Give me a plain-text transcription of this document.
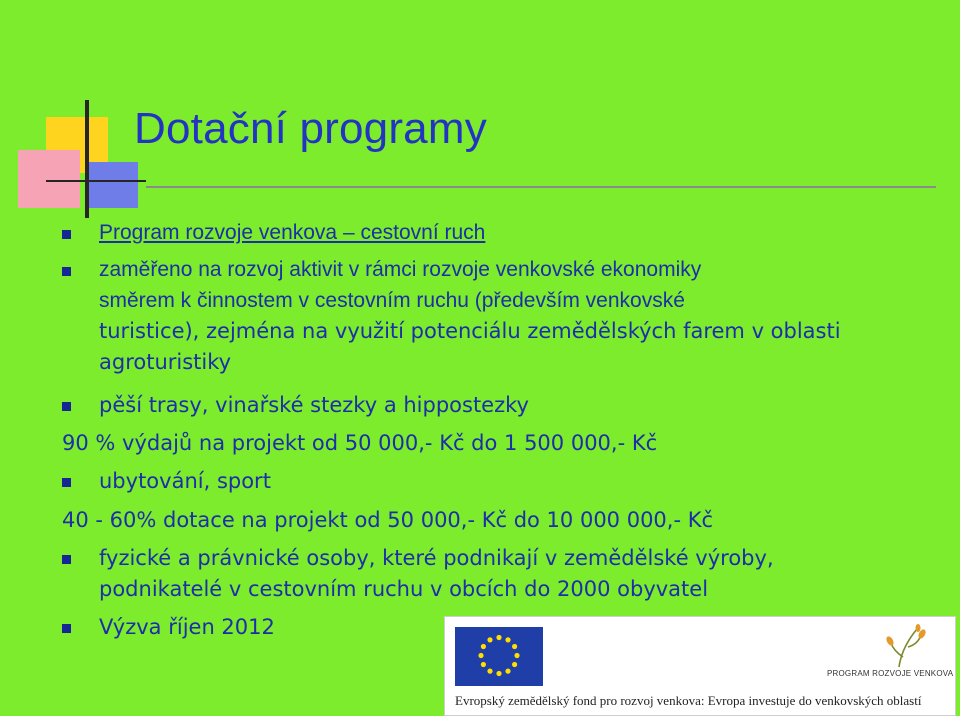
Dotační programy
Program rozvoje venkova – cestovní ruch
zaměřeno na rozvoj aktivit v rámci rozvoje venkovské ekonomiky
směrem k činnostem v cestovním ruchu (především venkovské
turistice), zejména na využití potenciálu zemědělských farem v oblasti
agroturistiky
pěší trasy, vinařské stezky a hippostezky
90 % výdajů na projekt od 50 000,- Kč do 1 500 000,- Kč
ubytování, sport
40 - 60% dotace na projekt od 50 000,- Kč do 10 000 000,- Kč
fyzické a právnické osoby, které podnikají v zemědělské výroby,
podnikatelé v cestovním ruchu v obcích do 2000 obyvatel
Výzva říjen 2012
PROGRAM ROZVOJE VENKOVA
Evropský zemědělský fond pro rozvoj venkova: Evropa investuje do venkovských oblastí
